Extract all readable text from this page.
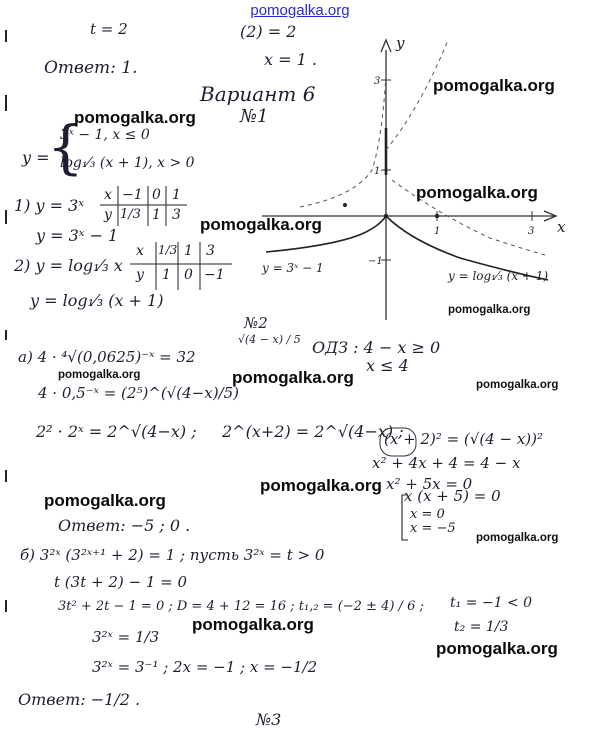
y
x
3
1
−1
1	3
y = 3ˣ − 1
y = log₁⁄₃ (x + 1)
pomogalka.org
t = 2	(2) = 2
Ответ: 1.	x = 1 .
Вариант 6
№1
y =
{
3ˣ − 1, x ≤ 0
log₁⁄₃ (x + 1), x > 0
1) y = 3ˣ
x −1 0 1
y 1/3 1 3
y = 3ˣ − 1
2) y = log₁⁄₃ x
x 1/3 1 3
y 1 0 −1
y = log₁⁄₃ (x + 1)
№2
√(4 − x) / 5
a) 4 · ⁴√(0,0625)⁻ˣ = 32	ОДЗ : 4 − x ≥ 0
x ≤ 4
4 · 0,5⁻ˣ = (2⁵)^(√(4−x)/5)
2² · 2ˣ = 2^√(4−x) ; 2^(x+2) = 2^√(4−x) ;
(x + 2)² = (√(4 − x))²
x² + 4x + 4 = 4 − x
x² + 5x = 0
x (x + 5) = 0
x = 0
x = −5
Ответ: −5 ; 0 .
б) 3²ˣ (3²ˣ⁺¹ + 2) = 1 ; пусть 3²ˣ = t > 0
t (3t + 2) − 1 = 0
3t² + 2t − 1 = 0 ; D = 4 + 12 = 16 ; t₁,₂ = (−2 ± 4) / 6 ; t₁ = −1 < 0
t₂ = 1/3
3²ˣ = 1/3
3²ˣ = 3⁻¹ ; 2x = −1 ; x = −1/2
Ответ: −1/2 .
№3
pomogalka.org
pomogalka.org
pomogalka.org
pomogalka.org
pomogalka.org
pomogalka.org
pomogalka.org
pomogalka.org
pomogalka.org
pomogalka.org
pomogalka.org
pomogalka.org
pomogalka.org
